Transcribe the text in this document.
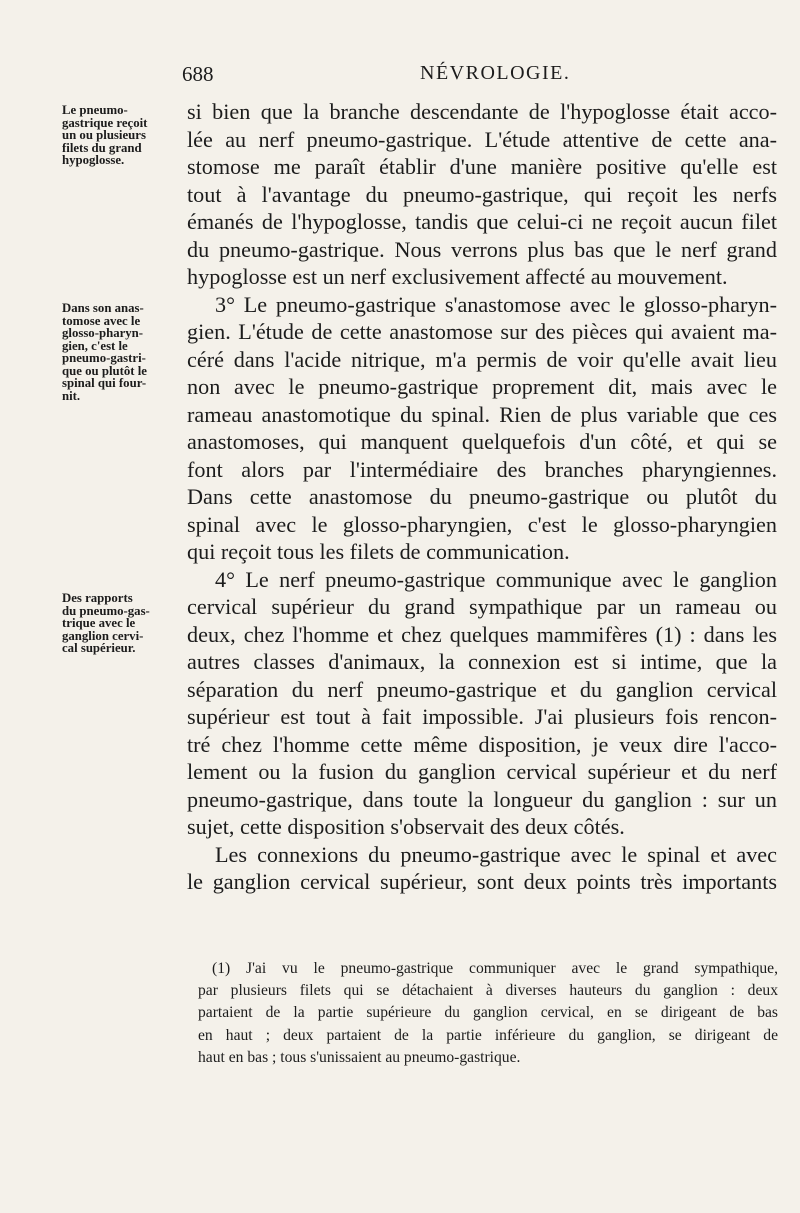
688	NÉVROLOGIE.
Le pneumo-
gastrique reçoit
un ou plusieurs
filets du grand
hypoglosse.
Dans son anas-
tomose avec le
glosso-pharyn-
gien, c'est le
pneumo-gastri-
que ou plutôt le
spinal qui four-
nit.
Des rapports
du pneumo-gas-
trique avec le
ganglion cervi-
cal supérieur.
si bien que la branche descendante de l'hypoglosse était acco-
lée au nerf pneumo-gastrique. L'étude attentive de cette ana-
stomose me paraît établir d'une manière positive qu'elle est
tout à l'avantage du pneumo-gastrique, qui reçoit les nerfs
émanés de l'hypoglosse, tandis que celui-ci ne reçoit aucun filet
du pneumo-gastrique. Nous verrons plus bas que le nerf grand
hypoglosse est un nerf exclusivement affecté au mouvement.
3° Le pneumo-gastrique s'anastomose avec le glosso-pharyn-
gien. L'étude de cette anastomose sur des pièces qui avaient ma-
céré dans l'acide nitrique, m'a permis de voir qu'elle avait lieu
non avec le pneumo-gastrique proprement dit, mais avec le
rameau anastomotique du spinal. Rien de plus variable que ces
anastomoses, qui manquent quelquefois d'un côté, et qui se
font alors par l'intermédiaire des branches pharyngiennes.
Dans cette anastomose du pneumo-gastrique ou plutôt du
spinal avec le glosso-pharyngien, c'est le glosso-pharyngien
qui reçoit tous les filets de communication.
4° Le nerf pneumo-gastrique communique avec le ganglion
cervical supérieur du grand sympathique par un rameau ou
deux, chez l'homme et chez quelques mammifères (1) : dans les
autres classes d'animaux, la connexion est si intime, que la
séparation du nerf pneumo-gastrique et du ganglion cervical
supérieur est tout à fait impossible. J'ai plusieurs fois rencon-
tré chez l'homme cette même disposition, je veux dire l'acco-
lement ou la fusion du ganglion cervical supérieur et du nerf
pneumo-gastrique, dans toute la longueur du ganglion : sur un
sujet, cette disposition s'observait des deux côtés.
Les connexions du pneumo-gastrique avec le spinal et avec
le ganglion cervical supérieur, sont deux points très importants
(1) J'ai vu le pneumo-gastrique communiquer avec le grand sympathique,
par plusieurs filets qui se détachaient à diverses hauteurs du ganglion : deux
partaient de la partie supérieure du ganglion cervical, en se dirigeant de bas
en haut ; deux partaient de la partie inférieure du ganglion, se dirigeant de
haut en bas ; tous s'unissaient au pneumo-gastrique.
